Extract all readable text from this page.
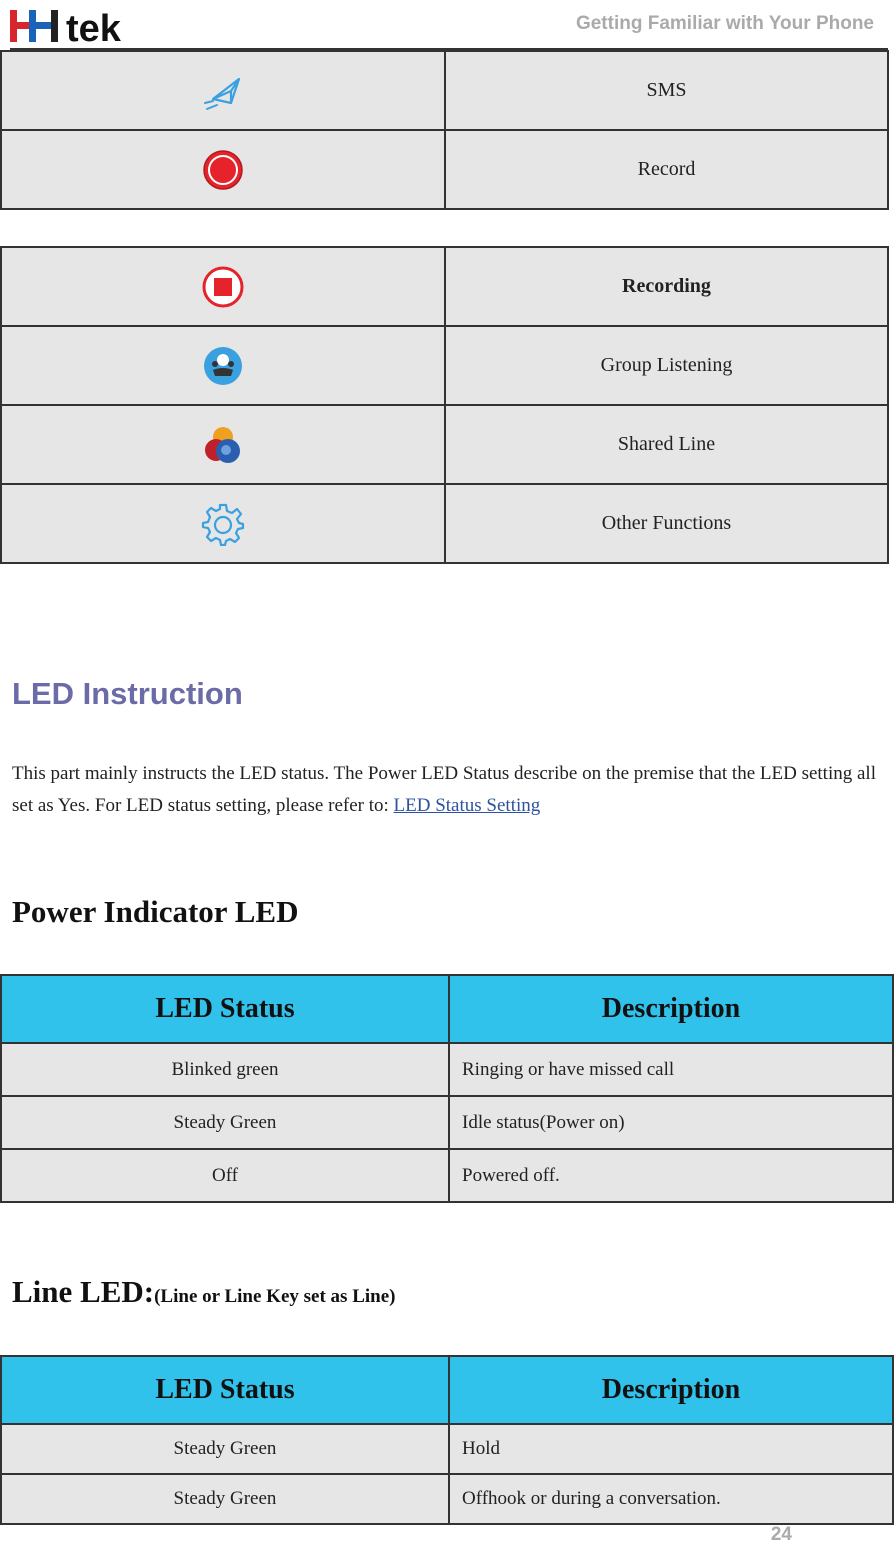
tek	Getting Familiar with Your Phone
	SMS
	Record
	Recording
	Group Listening
	Shared Line
	Other Functions
LED Instruction

This part mainly instructs the LED status. The Power LED Status describe on the premise that the LED setting all set as Yes. For LED status setting, please refer to: LED Status Setting

Power Indicator LED
LED Status	Description
Blinked green	Ringing or have missed call
Steady Green	Idle status(Power on)
Off	Powered off.
Line LED:(Line or Line Key set as Line)
LED Status	Description
Steady Green	Hold
Steady Green	Offhook or during a conversation.
24
